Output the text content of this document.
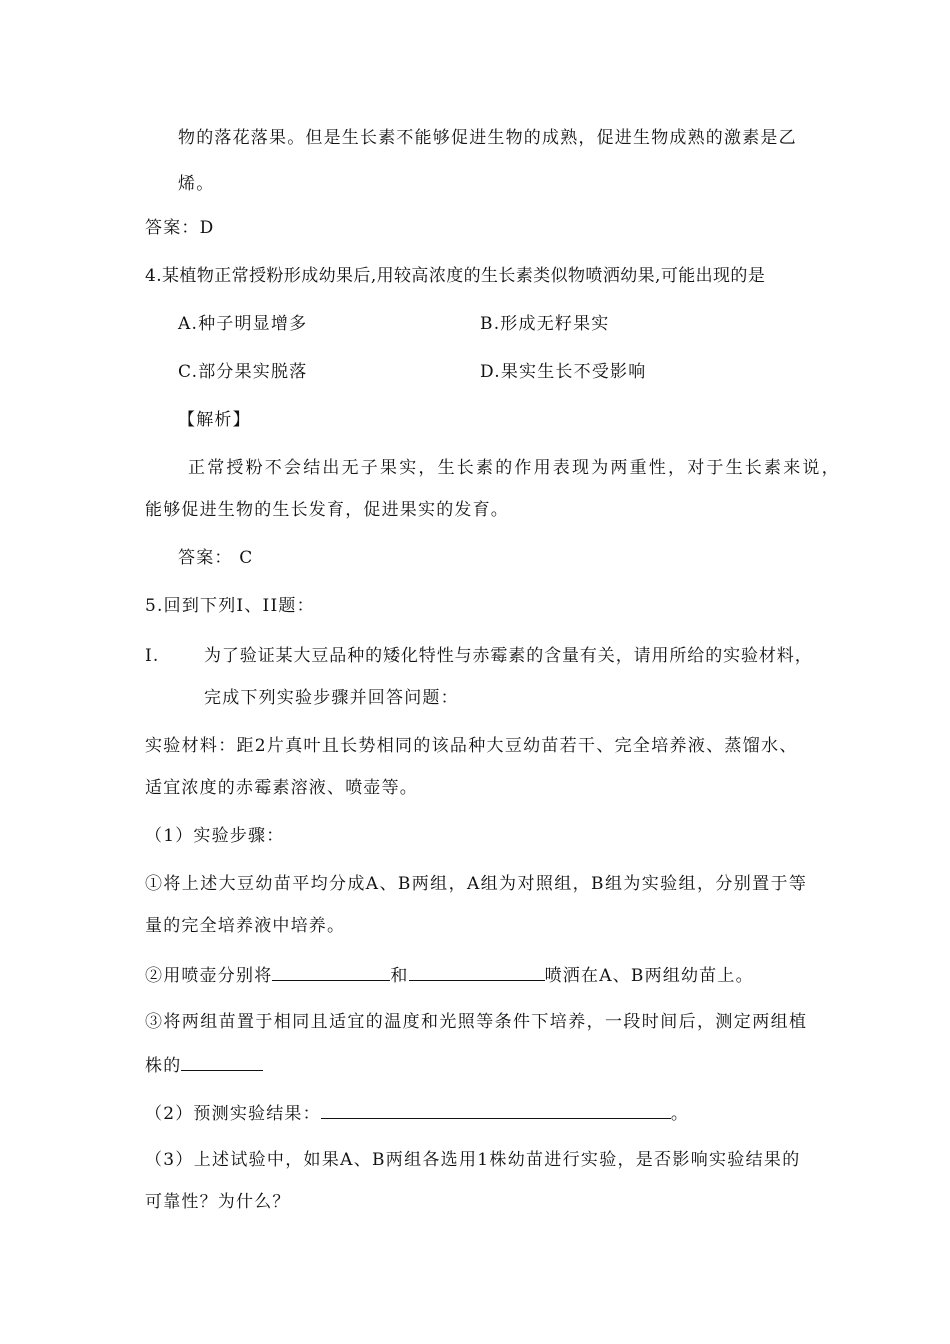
物的落花落果。但是生长素不能够促进生物的成熟，促进生物成熟的激素是乙
烯。
答案：D
4.某植物正常授粉形成幼果后,用较高浓度的生长素类似物喷洒幼果,可能出现的是
A.种子明显增多	B.形成无籽果实
C.部分果实脱落	D.果实生长不受影响
【解析】
正常授粉不会结出无子果实，生长素的作用表现为两重性，对于生长素来说，
能够促进生物的生长发育，促进果实的发育。
答案： C
5.回到下列I、II题：
I.	为了验证某大豆品种的矮化特性与赤霉素的含量有关，请用所给的实验材料，
完成下列实验步骤并回答问题：
实验材料：距2片真叶且长势相同的该品种大豆幼苗若干、完全培养液、蒸馏水、
适宜浓度的赤霉素溶液、喷壶等。
（1）实验步骤：
①将上述大豆幼苗平均分成A、B两组，A组为对照组，B组为实验组，分别置于等
量的完全培养液中培养。
②用喷壶分别将	和	喷洒在A、B两组幼苗上。
③将两组苗置于相同且适宜的温度和光照等条件下培养，一段时间后，测定两组植
株的
（2）预测实验结果：	。
（3）上述试验中，如果A、B两组各选用1株幼苗进行实验，是否影响实验结果的
可靠性？为什么？
